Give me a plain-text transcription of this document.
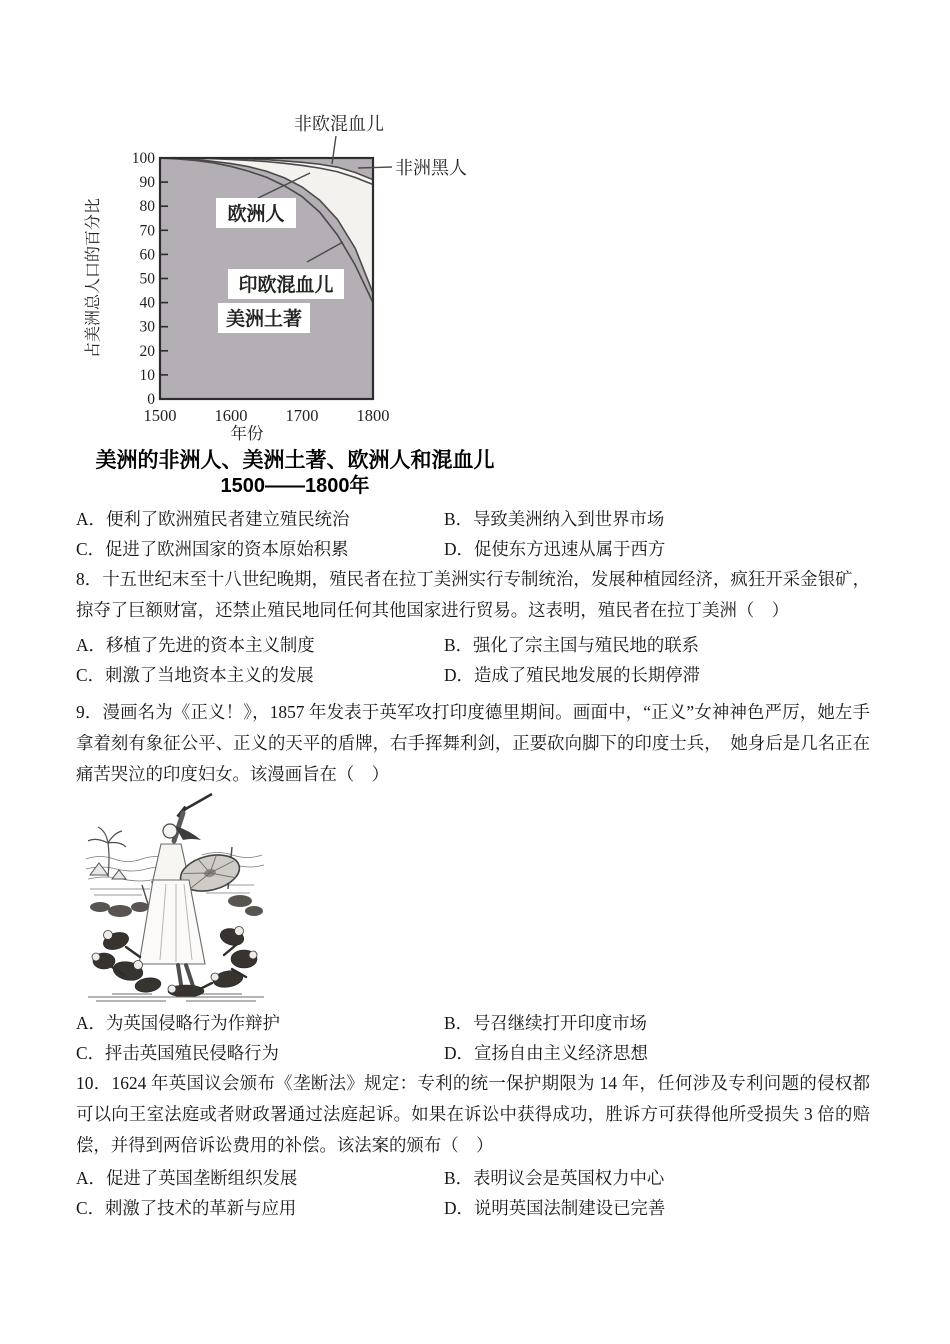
0
10
20
30
40
50
60
70
80
90
100
1500 1600 1700 1800
年份
占美洲总人口的百分比
非欧混血儿
非洲黑人
欧洲人
印欧混血儿
美洲土著
美洲的非洲人、美洲土著、欧洲人和混血儿
1500——1800年
A．便利了欧洲殖民者建立殖民统治	B．导致美洲纳入到世界市场
C．促进了欧洲国家的资本原始积累	D．促使东方迅速从属于西方
8．十五世纪末至十八世纪晚期，殖民者在拉丁美洲实行专制统治，发展种植园经济，疯狂开采金银矿，掠夺了巨额财富，还禁止殖民地同任何其他国家进行贸易。这表明，殖民者在拉丁美洲（　）
A．移植了先进的资本主义制度	B．强化了宗主国与殖民地的联系
C．刺激了当地资本主义的发展	D．造成了殖民地发展的长期停滞
9．漫画名为《正义！》，1857 年发表于英军攻打印度德里期间。画面中，“正义”女神神色严厉，她左手拿着刻有象征公平、正义的天平的盾牌，右手挥舞利剑，正要砍向脚下的印度士兵，　她身后是几名正在痛苦哭泣的印度妇女。该漫画旨在（　）
A．为英国侵略行为作辩护	B．号召继续打开印度市场
C．抨击英国殖民侵略行为	D．宣扬自由主义经济思想
10．1624 年英国议会颁布《垄断法》规定：专利的统一保护期限为 14 年，任何涉及专利问题的侵权都可以向王室法庭或者财政署通过法庭起诉。如果在诉讼中获得成功，胜诉方可获得他所受损失 3 倍的赔偿，并得到两倍诉讼费用的补偿。该法案的颁布（　）
A．促进了英国垄断组织发展	B．表明议会是英国权力中心
C．刺激了技术的革新与应用	D．说明英国法制建设已完善
